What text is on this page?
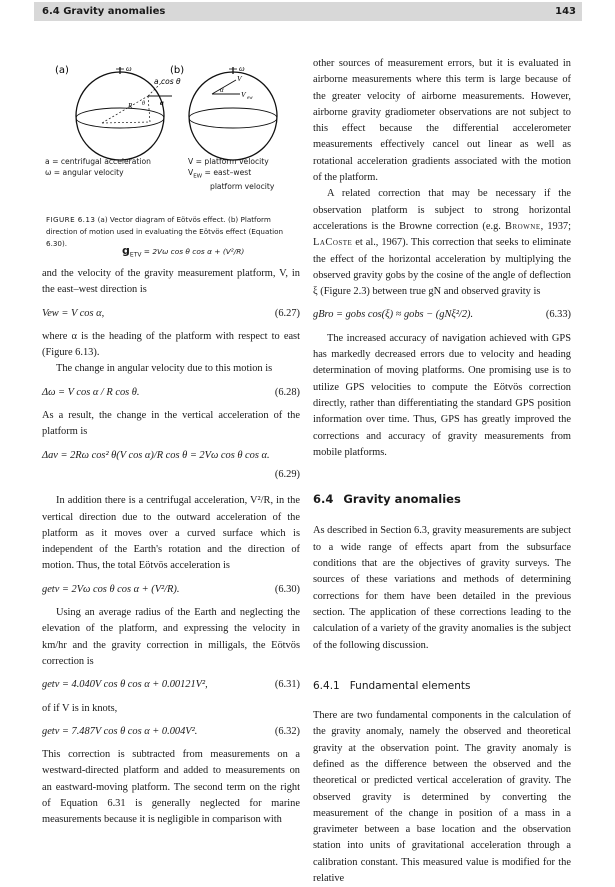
6.4 Gravity anomalies	143
(a)	(b)
ω	ω
a cos θ
a
R θ
V
V ew
α
a = centrifugal acceleration
ω = angular velocity
V = platform velocity
$V_{EW}$ = east–west
platform velocity
$g_{ETV} = 2V\omega$ cos θ cos α + (V²/R)
FIGURE 6.13 (a) Vector diagram of Eötvös effect. (b) Platform direction of motion used in evaluating the Eötvös effect (Equation 6.30).

and the velocity of the gravity measurement platform, V, in the east–west direction is

Vew = V cos α,	(6.27)

where α is the heading of the platform with respect to east (Figure 6.13).

The change in angular velocity due to this motion is

Δω = V cos α / R cos θ.	(6.28)

As a result, the change in the vertical acceleration of the platform is

Δav = 2Rω cos² θ(V cos α)/R cos θ = 2Vω cos θ cos α.
(6.29)

In addition there is a centrifugal acceleration, V²/R, in the vertical direction due to the outward acceleration of the platform as it moves over a curved surface which is independent of the Earth's rotation and the direction of motion. Thus, the total Eötvös acceleration is

getv = 2Vω cos θ cos α + (V²/R).	(6.30)

Using an average radius of the Earth and neglecting the elevation of the platform, and expressing the velocity in km/hr and the gravity correction in milligals, the Eötvös correction is

getv = 4.040V cos θ cos α + 0.00121V²,	(6.31)

of if V is in knots,

getv = 7.487V cos θ cos α + 0.004V².	(6.32)

This correction is subtracted from measurements on a westward-directed platform and added to measurements on an eastward-moving platform. The second term on the right of Equation 6.31 is generally neglected for marine measurements because it is negligible in comparison with

other sources of measurement errors, but it is evaluated in airborne measurements where this term is large because of the greater velocity of airborne measurements. However, airborne gravity gradiometer observations are not subject to this effect because the differential accelerometer measurements effectively cancel out linear as well as rotational acceleration gradients associated with the motion of the platform.

A related correction that may be necessary if the observation platform is subject to strong horizontal accelerations is the Browne correction (e.g. Browne, 1937; LaCoste et al., 1967). This correction that seeks to eliminate the effect of the horizontal acceleration by multiplying the observed gravity gobs by the cosine of the angle of deflection ξ (Figure 2.3) between true gN and observed gravity is

gBro = gobs cos(ξ) ≈ gobs − (gNξ²/2).	(6.33)

The increased accuracy of navigation achieved with GPS has markedly decreased errors due to velocity and heading determination of moving platforms. One promising use is to utilize GPS velocities to compute the Eötvös correction directly, rather than differentiating the standard GPS position information over time. Thus, GPS has greatly improved the corrections and accuracy of gravity measurements from mobile platforms.

6.4 Gravity anomalies

As described in Section 6.3, gravity measurements are subject to a wide range of effects apart from the subsurface conditions that are the objectives of gravity surveys. The sources of these variations and methods of determining corrections for them have been detailed in the previous section. The application of these corrections leading to the calculation of a variety of the gravity anomalies is the subject of the following discussion.

6.4.1 Fundamental elements

There are two fundamental components in the calculation of the gravity anomaly, namely the observed and theoretical gravity at the observation point. The gravity anomaly is defined as the difference between the observed and the theoretical or predicted vertical acceleration of gravity. The observed gravity is determined by converting the measurement of the change in position of a mass in a gravimeter between a base location and the observation station into units of gravitational acceleration through a calibration constant. This measured value is modified for the relative
